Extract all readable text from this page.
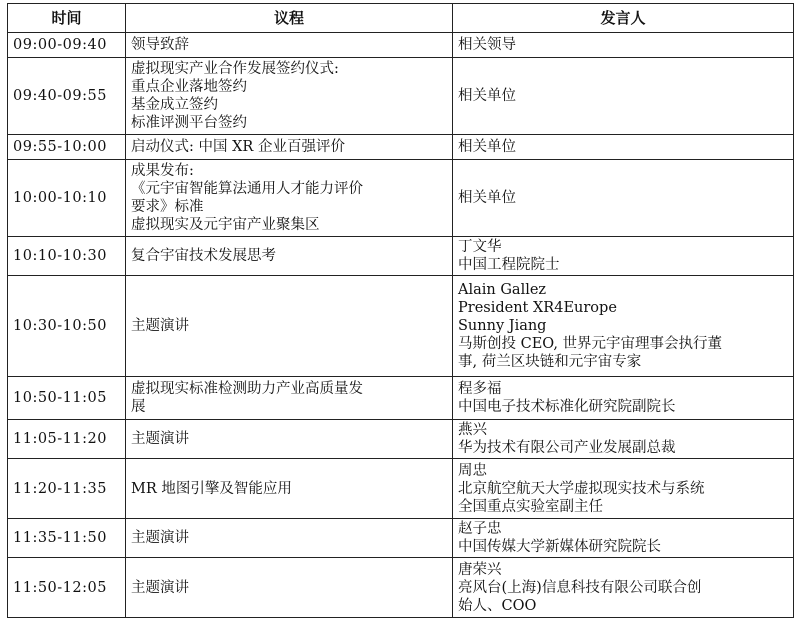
时间	议程	发言人
09:00-09:40	领导致辞	相关领导

09:40-09:55	虚拟现实产业合作发展签约仪式:
重点企业落地签约
基金成立签约
标准评测平台签约	相关单位

09:55-10:00	启动仪式: 中国 XR 企业百强评价	相关单位

10:00-10:10	成果发布:
《元宇宙智能算法通用人才能力评价
要求》标准
虚拟现实及元宇宙产业聚集区	相关单位

10:10-10:30	复合宇宙技术发展思考	丁文华
中国工程院院士

10:30-10:50	主题演讲	Alain Gallez
President XR4Europe
Sunny Jiang
马斯创投 CEO, 世界元宇宙理事会执行董
事, 荷兰区块链和元宇宙专家

10:50-11:05	虚拟现实标准检测助力产业高质量发
展	程多福
中国电子技术标准化研究院副院长

11:05-11:20	主题演讲	燕兴
华为技术有限公司产业发展副总裁

11:20-11:35	MR 地图引擎及智能应用	周忠
北京航空航天大学虚拟现实技术与系统
全国重点实验室副主任

11:35-11:50	主题演讲	赵子忠
中国传媒大学新媒体研究院院长

11:50-12:05	主题演讲	唐荣兴
亮风台(上海)信息科技有限公司联合创
始人、COO
